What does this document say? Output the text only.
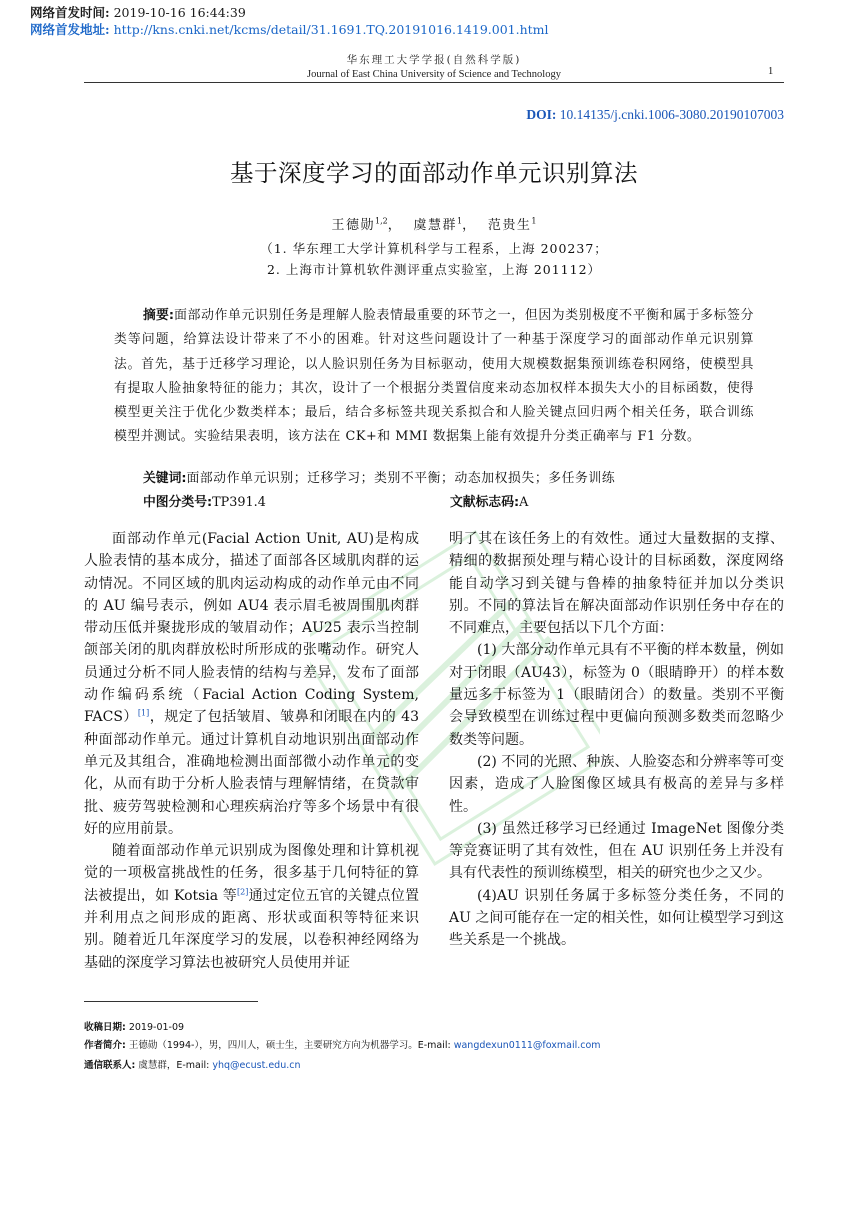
网络首发时间: 2019-10-16 16:44:39
网络首发地址: http://kns.cnki.net/kcms/detail/31.1691.TQ.20191016.1419.001.html
华东理工大学学报(自然科学版)
Journal of East China University of Science and Technology	1
DOI: 10.14135/j.cnki.1006-3080.20190107003
基于深度学习的面部动作单元识别算法
王德勋$^{1,2}$， 虞慧群$^1$， 范贵生$^1$
（1. 华东理工大学计算机科学与工程系，上海 200237；
2. 上海市计算机软件测评重点实验室，上海 201112）

摘要:面部动作单元识别任务是理解人脸表情最重要的环节之一，但因为类别极度不平衡和属于多标签分类等问题，给算法设计带来了不小的困难。针对这些问题设计了一种基于深度学习的面部动作单元识别算法。首先，基于迁移学习理论，以人脸识别任务为目标驱动，使用大规模数据集预训练卷积网络，使模型具有提取人脸抽象特征的能力；其次，设计了一个根据分类置信度来动态加权样本损失大小的目标函数，使得模型更关注于优化少数类样本；最后，结合多标签共现关系拟合和人脸关键点回归两个相关任务，联合训练模型并测试。实验结果表明，该方法在 CK+和 MMI 数据集上能有效提升分类正确率与 F1 分数。

关键词:面部动作单元识别；迁移学习；类别不平衡；动态加权损失；多任务训练
中图分类号:TP391.4	文献标志码:A

面部动作单元(Facial Action Unit, AU)是构成人脸表情的基本成分，描述了面部各区域肌肉群的运动情况。不同区域的肌肉运动构成的动作单元由不同的 AU 编号表示，例如 AU4 表示眉毛被周围肌肉群带动压低并聚拢形成的皱眉动作；AU25 表示当控制颌部关闭的肌肉群放松时所形成的张嘴动作。研究人员通过分析不同人脸表情的结构与差异，发布了面部动作编码系统（Facial Action Coding System, FACS）[1]，规定了包括皱眉、皱鼻和闭眼在内的 43 种面部动作单元。通过计算机自动地识别出面部动作单元及其组合，准确地检测出面部微小动作单元的变化，从而有助于分析人脸表情与理解情绪，在贷款审批、疲劳驾驶检测和心理疾病治疗等多个场景中有很好的应用前景。

随着面部动作单元识别成为图像处理和计算机视觉的一项极富挑战性的任务，很多基于几何特征的算法被提出，如 Kotsia 等[2]通过定位五官的关键点位置并利用点之间形成的距离、形状或面积等特征来识别。随着近几年深度学习的发展，以卷积神经网络为基础的深度学习算法也被研究人员使用并证

明了其在该任务上的有效性。通过大量数据的支撑、精细的数据预处理与精心设计的目标函数，深度网络能自动学习到关键与鲁棒的抽象特征并加以分类识别。不同的算法旨在解决面部动作识别任务中存在的不同难点，主要包括以下几个方面：

(1) 大部分动作单元具有不平衡的样本数量，例如对于闭眼（AU43），标签为 0（眼睛睁开）的样本数量远多于标签为 1（眼睛闭合）的数量。类别不平衡会导致模型在训练过程中更偏向预测多数类而忽略少数类等问题。

(2) 不同的光照、种族、人脸姿态和分辨率等可变因素，造成了人脸图像区域具有极高的差异与多样性。

(3) 虽然迁移学习已经通过 ImageNet 图像分类等竞赛证明了其有效性，但在 AU 识别任务上并没有具有代表性的预训练模型，相关的研究也少之又少。

(4)AU 识别任务属于多标签分类任务，不同的 AU 之间可能存在一定的相关性，如何让模型学习到这些关系是一个挑战。

收稿日期: 2019-01-09
作者简介: 王德勋（1994-），男，四川人，硕士生，主要研究方向为机器学习。E-mail: wangdexun0111@foxmail.com
通信联系人: 虞慧群，E-mail: yhq@ecust.edu.cn
